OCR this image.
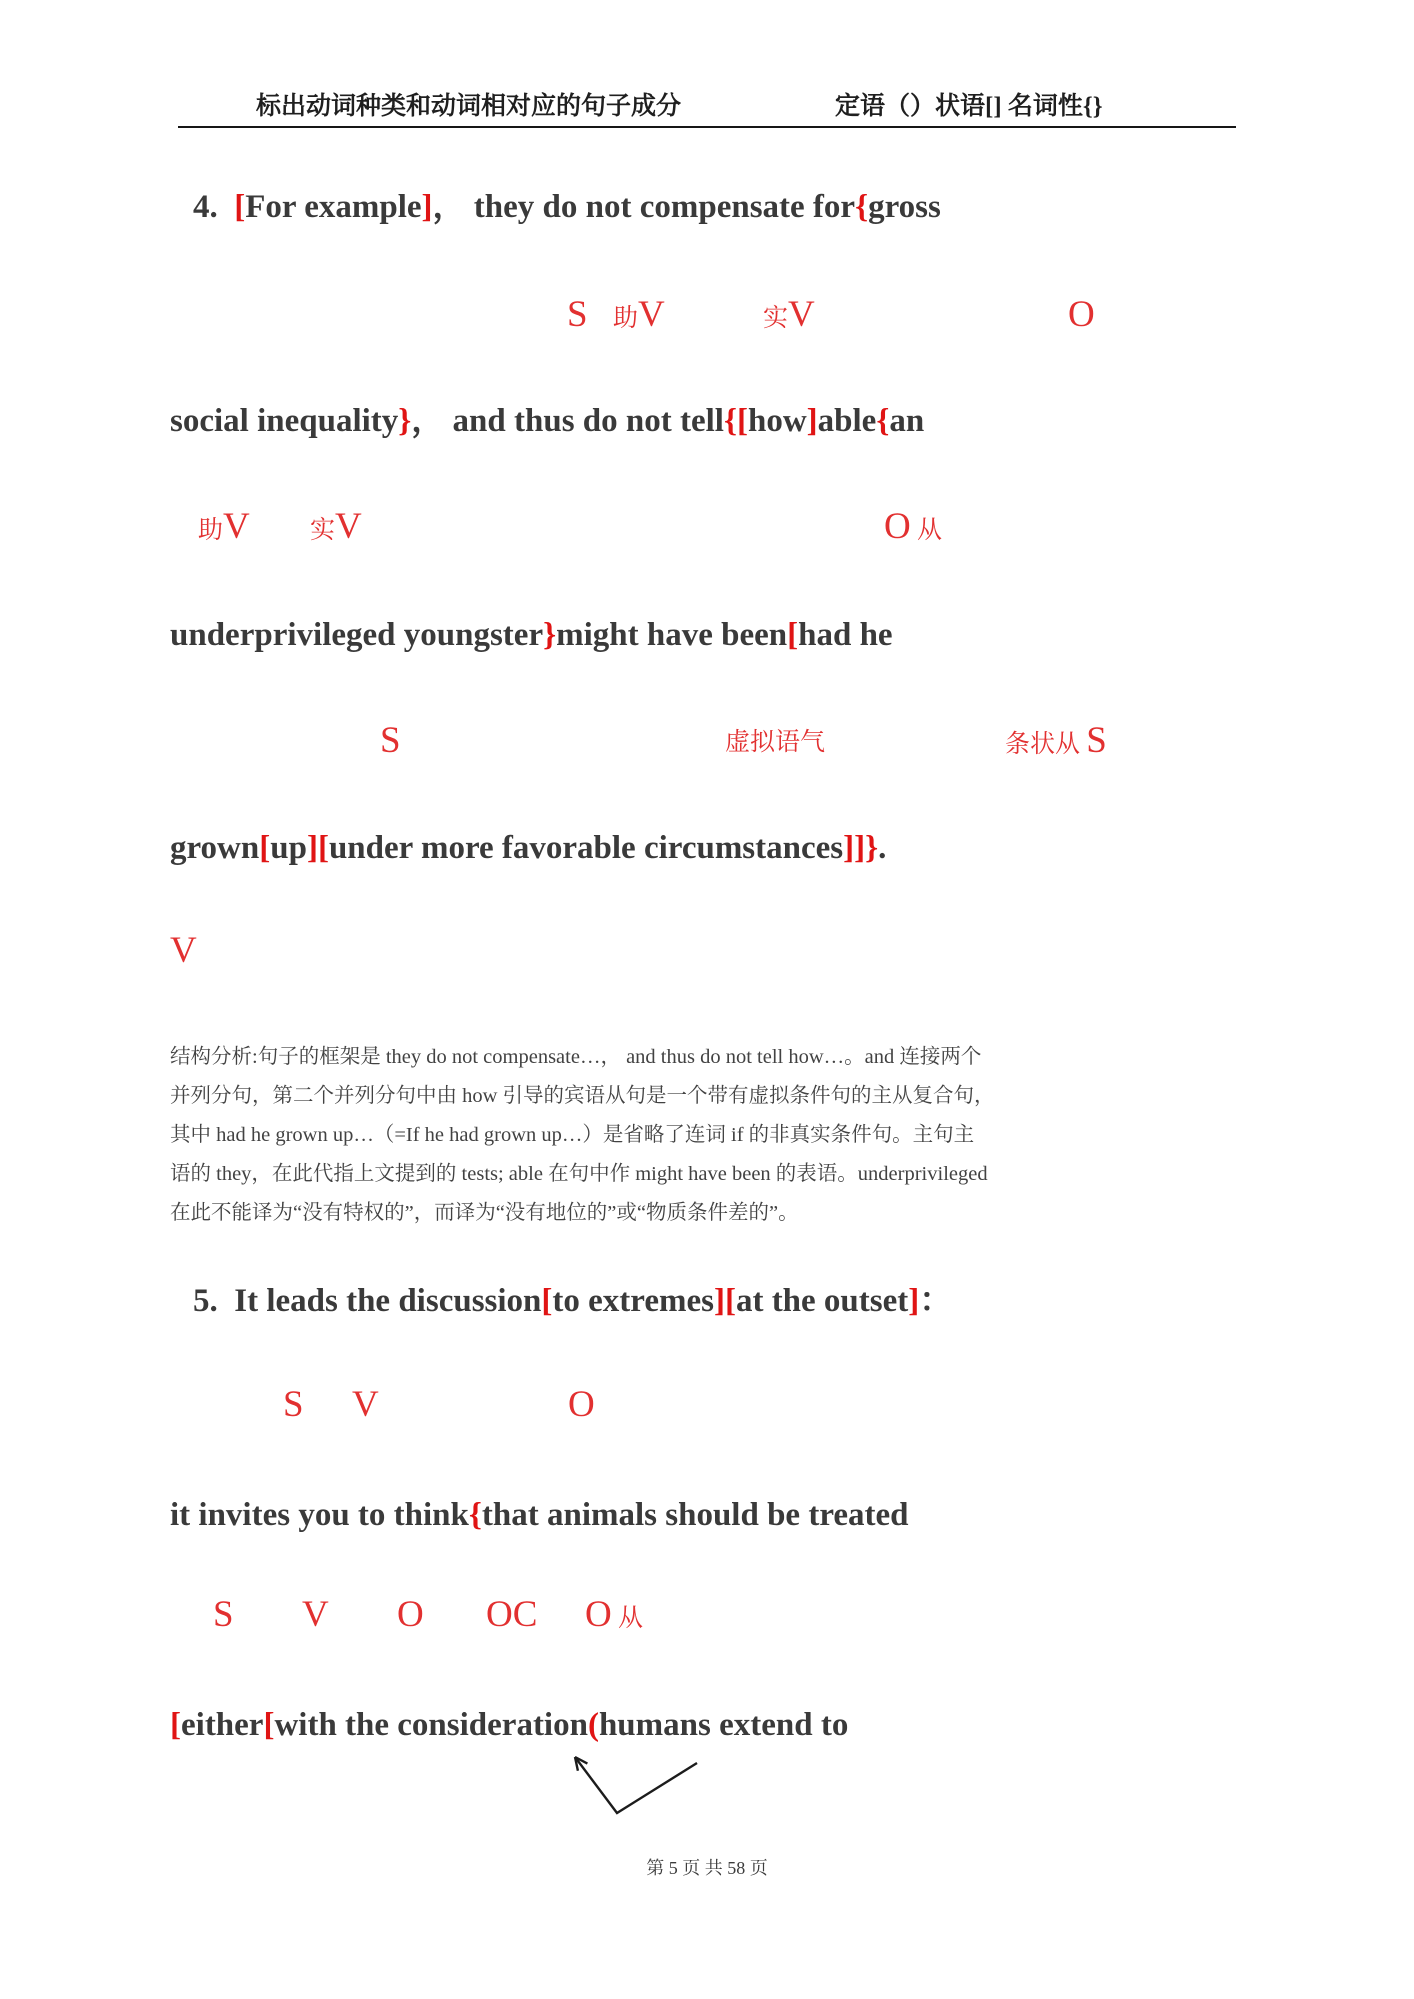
标出动词种类和动词相对应的句子成分	定语（）状语[] 名词性{}
4.  [For example]， they do not compensate for{gross
S 助V	实V	O
social inequality}， and thus do not tell{[how]able{an
助V 实V	O 从
underprivileged youngster}might have been[had he
S	虚拟语气	条状从 S
grown[up][under more favorable circumstances]]}.
V
结构分析:句子的框架是 they do not compensate…， and thus do not tell how…。and 连接两个
并列分句，第二个并列分句中由 how 引导的宾语从句是一个带有虚拟条件句的主从复合句，
其中 had he grown up…（=If he had grown up…）是省略了连词 if 的非真实条件句。主句主
语的 they，在此代指上文提到的 tests; able 在句中作 might have been 的表语。underprivileged
在此不能译为“没有特权的”，而译为“没有地位的”或“物质条件差的”。
5.  It leads the discussion[to extremes][at the outset]：
S V	O
it invites you to think{that animals should be treated
S V O OC O 从
[either[with the consideration(humans extend to
第 5 页 共 58 页
